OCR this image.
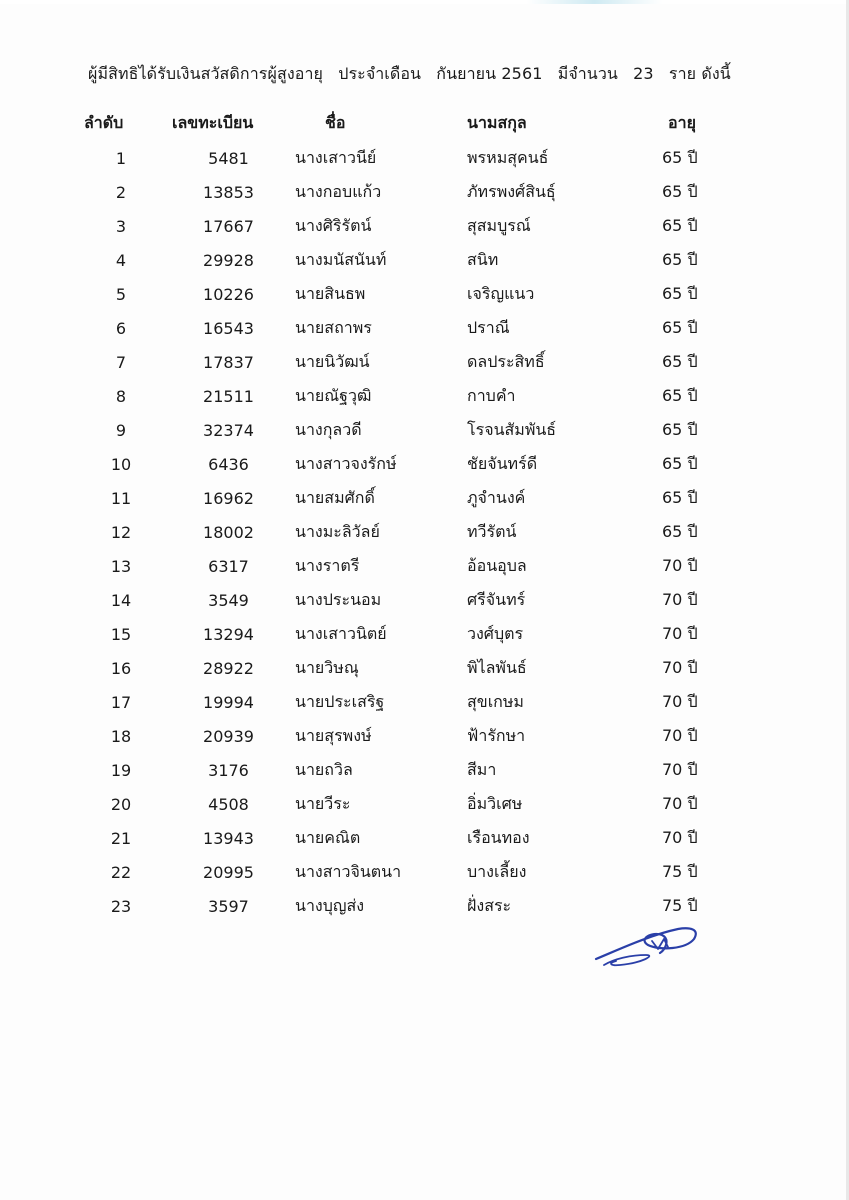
ผู้มีสิทธิได้รับเงินสวัสดิการผู้สูงอายุ ประจำเดือน กันยายน 2561 มีจำนวน 23 ราย ดังนี้
ลำดับ	เลขทะเบียน	ชื่อ	นามสกุล	อายุ
1	5481	นางเสาวนีย์	พรหมสุคนธ์	65 ปี
2	13853	นางกอบแก้ว	ภัทรพงศ์สินธุ์	65 ปี
3	17667	นางศิริรัตน์	สุสมบูรณ์	65 ปี
4	29928	นางมนัสนันท์	สนิท	65 ปี
5	10226	นายสินธพ	เจริญแนว	65 ปี
6	16543	นายสถาพร	ปราณี	65 ปี
7	17837	นายนิวัฒน์	ดลประสิทธิ์	65 ปี
8	21511	นายณัฐวุฒิ	กาบคำ	65 ปี
9	32374	นางกุลวดี	โรจนสัมพันธ์	65 ปี
10	6436	นางสาวจงรักษ์	ชัยจันทร์ดี	65 ปี
11	16962	นายสมศักดิ์	ภูจำนงค์	65 ปี
12	18002	นางมะลิวัลย์	ทวีรัตน์	65 ปี
13	6317	นางราตรี	อ้อนอุบล	70 ปี
14	3549	นางประนอม	ศรีจันทร์	70 ปี
15	13294	นางเสาวนิตย์	วงศ์บุตร	70 ปี
16	28922	นายวิษณุ	พิไลพันธ์	70 ปี
17	19994	นายประเสริฐ	สุขเกษม	70 ปี
18	20939	นายสุรพงษ์	ฟ้ารักษา	70 ปี
19	3176	นายถวิล	สีมา	70 ปี
20	4508	นายวีระ	อิ่มวิเศษ	70 ปี
21	13943	นายคณิต	เรือนทอง	70 ปี
22	20995	นางสาวจินตนา	บางเลี้ยง	75 ปี
23	3597	นางบุญส่ง	ฝั่งสระ	75 ปี
